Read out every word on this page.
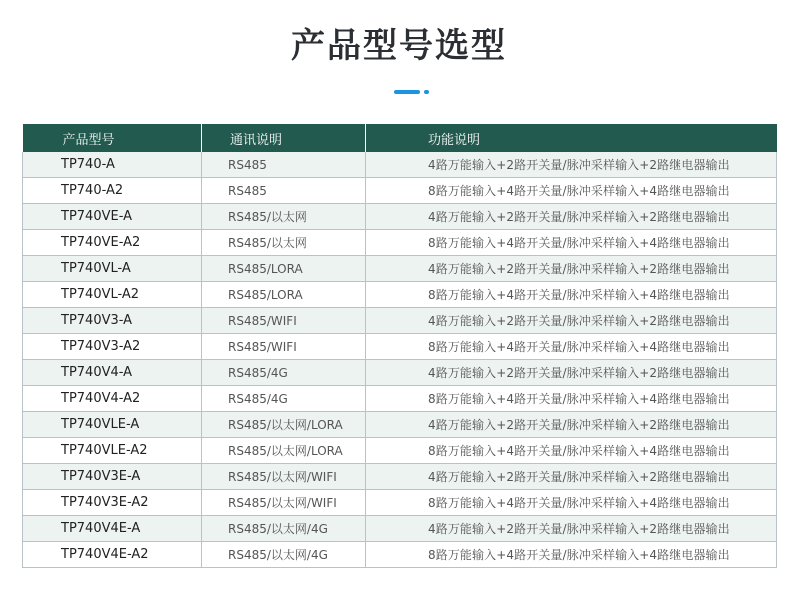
产品型号选型
产品型号	通讯说明	功能说明
TP740-A	RS485	4路万能输入+2路开关量/脉冲采样输入+2路继电器输出
TP740-A2	RS485	8路万能输入+4路开关量/脉冲采样输入+4路继电器输出
TP740VE-A	RS485/以太网	4路万能输入+2路开关量/脉冲采样输入+2路继电器输出
TP740VE-A2	RS485/以太网	8路万能输入+4路开关量/脉冲采样输入+4路继电器输出
TP740VL-A	RS485/LORA	4路万能输入+2路开关量/脉冲采样输入+2路继电器输出
TP740VL-A2	RS485/LORA	8路万能输入+4路开关量/脉冲采样输入+4路继电器输出
TP740V3-A	RS485/WIFI	4路万能输入+2路开关量/脉冲采样输入+2路继电器输出
TP740V3-A2	RS485/WIFI	8路万能输入+4路开关量/脉冲采样输入+4路继电器输出
TP740V4-A	RS485/4G	4路万能输入+2路开关量/脉冲采样输入+2路继电器输出
TP740V4-A2	RS485/4G	8路万能输入+4路开关量/脉冲采样输入+4路继电器输出
TP740VLE-A	RS485/以太网/LORA	4路万能输入+2路开关量/脉冲采样输入+2路继电器输出
TP740VLE-A2	RS485/以太网/LORA	8路万能输入+4路开关量/脉冲采样输入+4路继电器输出
TP740V3E-A	RS485/以太网/WIFI	4路万能输入+2路开关量/脉冲采样输入+2路继电器输出
TP740V3E-A2	RS485/以太网/WIFI	8路万能输入+4路开关量/脉冲采样输入+4路继电器输出
TP740V4E-A	RS485/以太网/4G	4路万能输入+2路开关量/脉冲采样输入+2路继电器输出
TP740V4E-A2	RS485/以太网/4G	8路万能输入+4路开关量/脉冲采样输入+4路继电器输出
